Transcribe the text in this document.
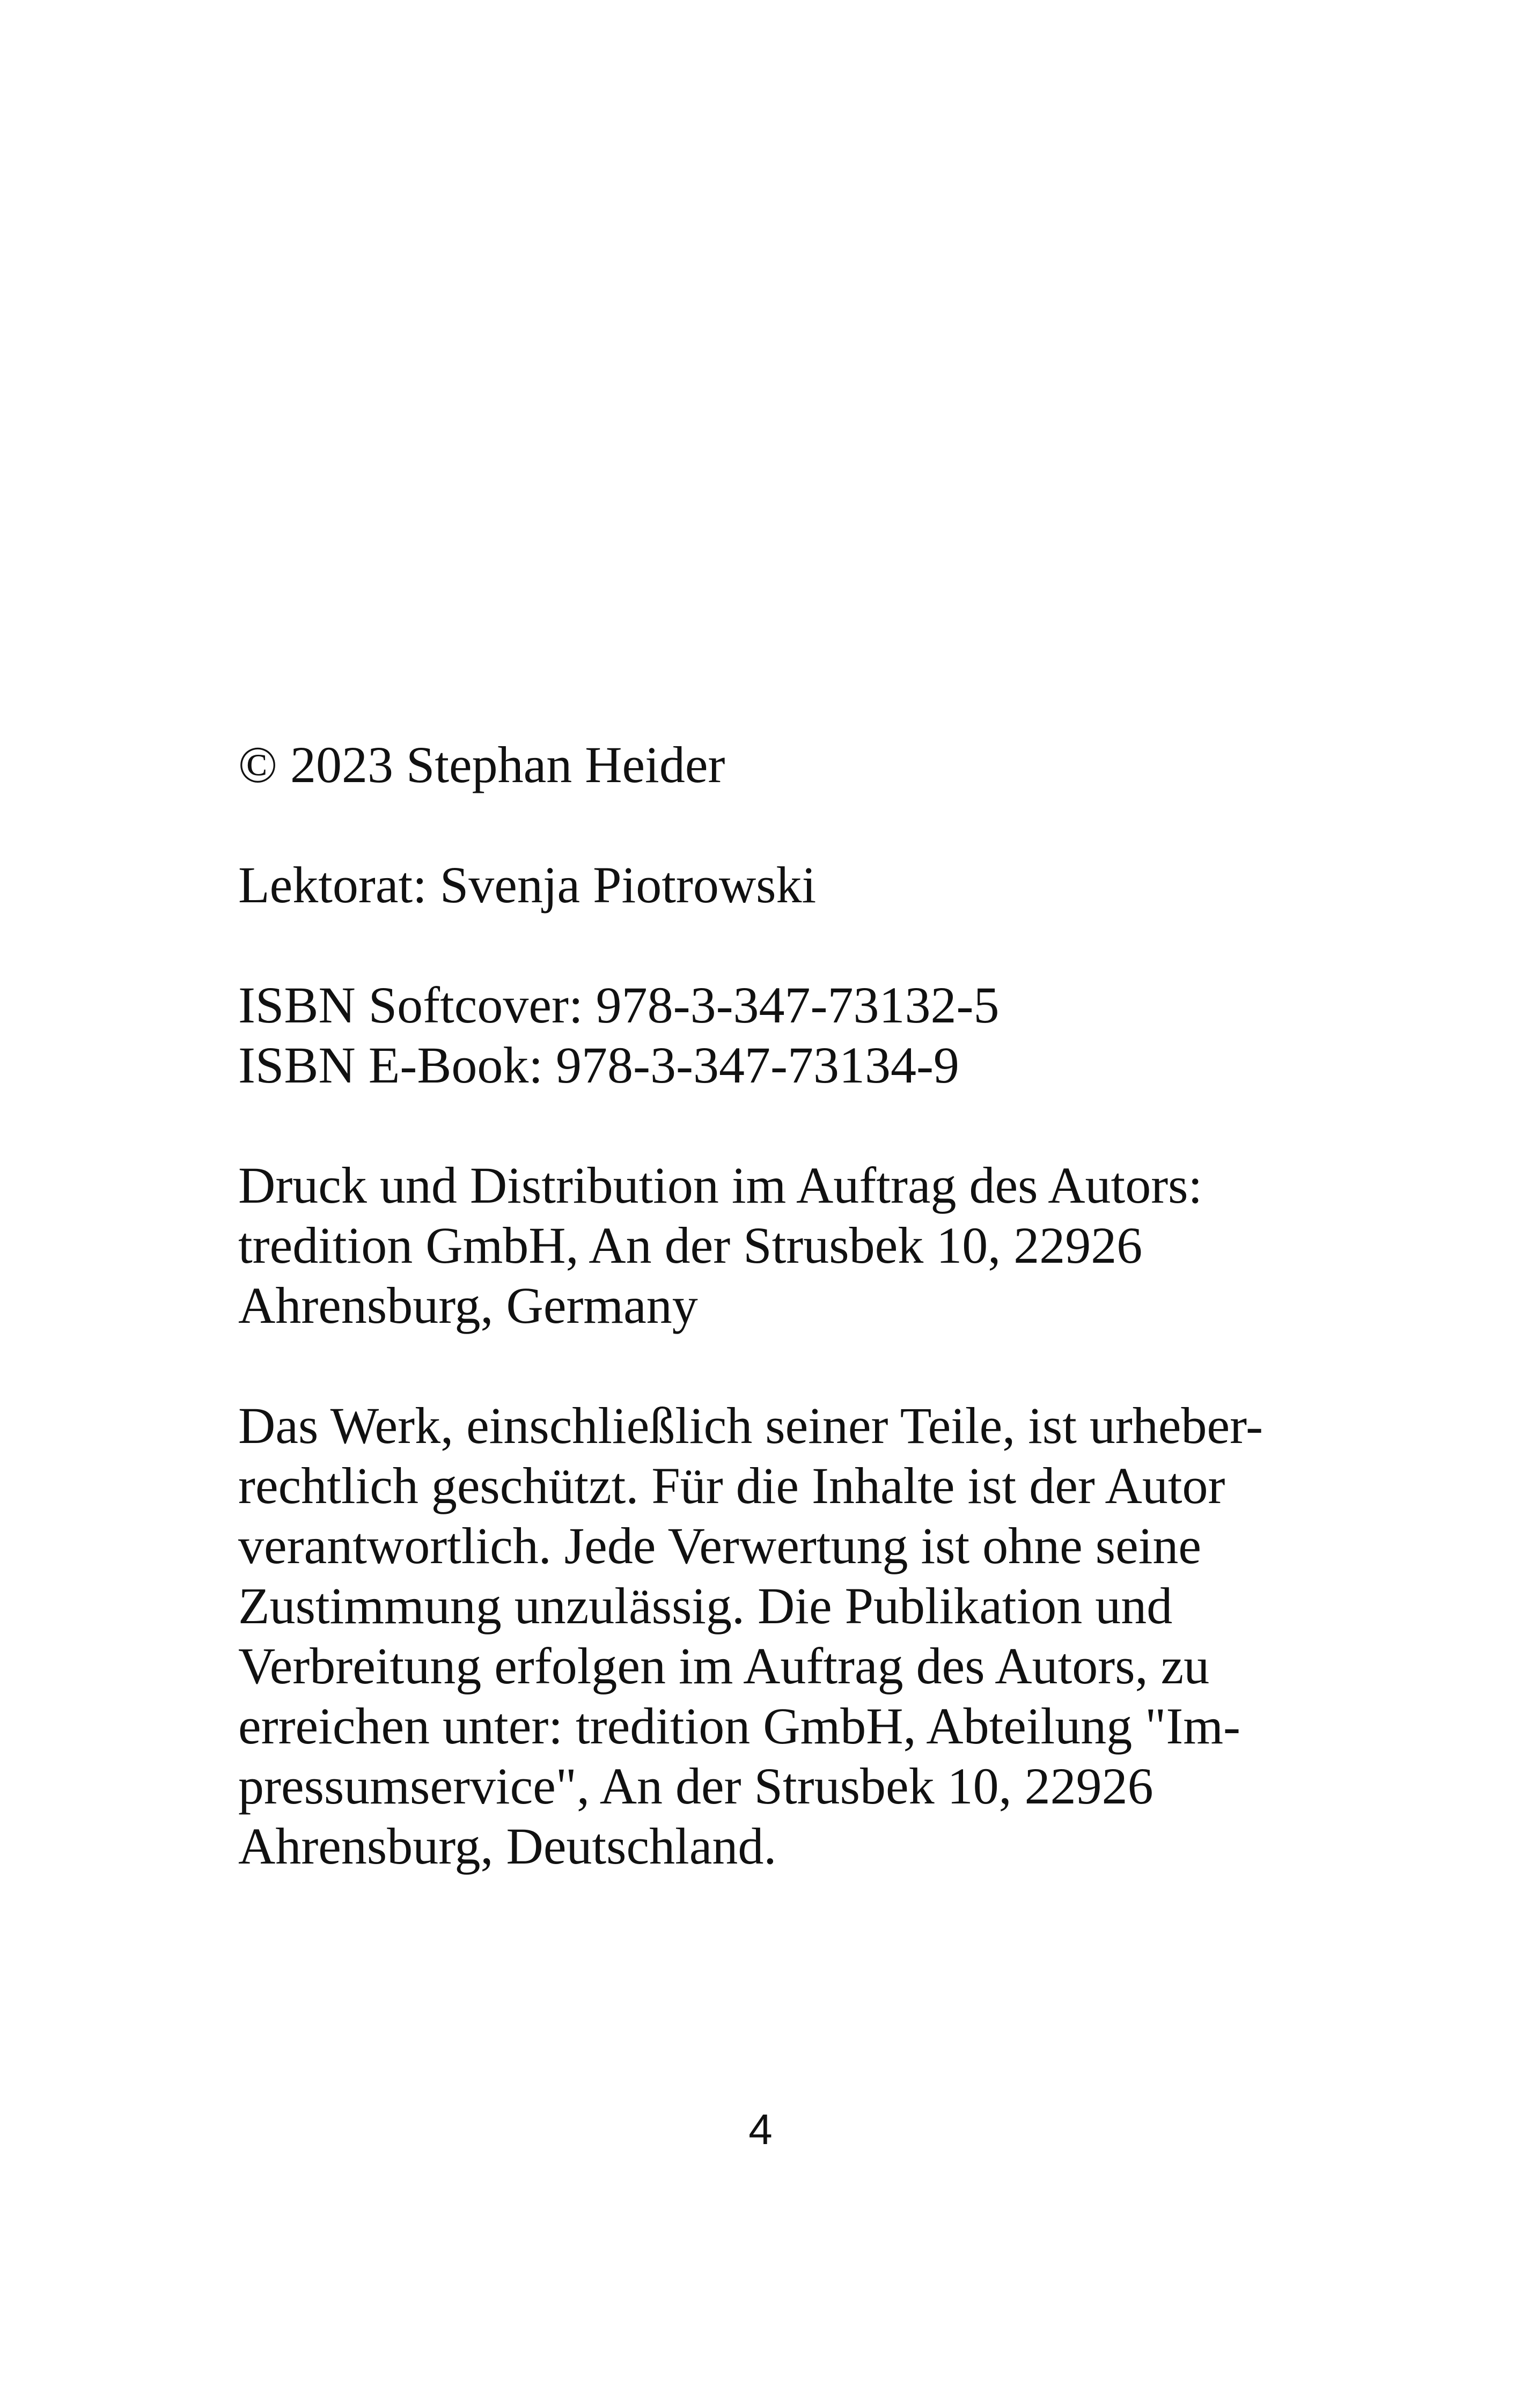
© 2023 Stephan Heider
Lektorat: Svenja Piotrowski
ISBN Softcover: 978-3-347-73132-5
ISBN E-Book: 978-3-347-73134-9
Druck und Distribution im Auftrag des Autors:
tredition GmbH, An der Strusbek 10, 22926
Ahrensburg, Germany
Das Werk, einschließlich seiner Teile, ist urheber-
rechtlich geschützt. Für die Inhalte ist der Autor
verantwortlich. Jede Verwertung ist ohne seine
Zustimmung unzulässig. Die Publikation und
Verbreitung erfolgen im Auftrag des Autors, zu
erreichen unter: tredition GmbH, Abteilung "Im-
pressumservice", An der Strusbek 10, 22926
Ahrensburg, Deutschland.
4
